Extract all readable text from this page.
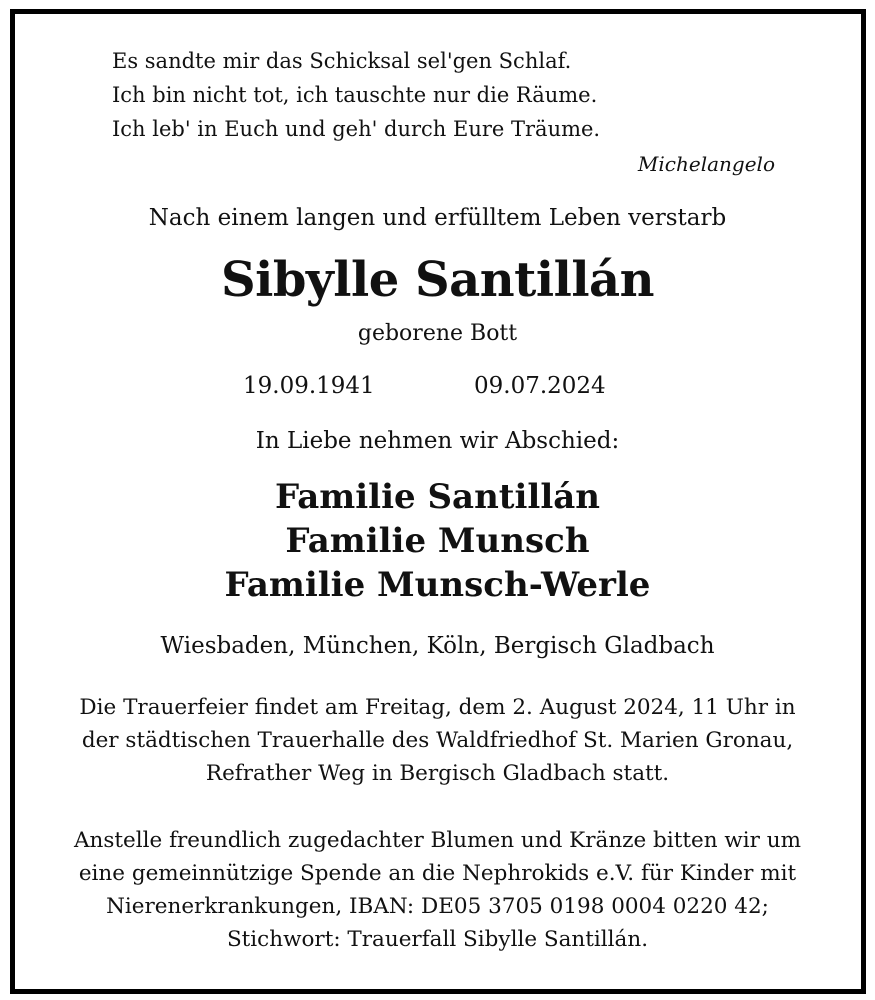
Es sandte mir das Schicksal sel'gen Schlaf.
Ich bin nicht tot, ich tauschte nur die Räume.
Ich leb' in Euch und geh' durch Eure Träume.
Michelangelo
Nach einem langen und erfülltem Leben verstarb
Sibylle Santillán
geborene Bott
19.09.1941	09.07.2024
In Liebe nehmen wir Abschied:
Familie Santillán
Familie Munsch
Familie Munsch-Werle
Wiesbaden, München, Köln, Bergisch Gladbach
Die Trauerfeier findet am Freitag, dem 2. August 2024, 11 Uhr in
der städtischen Trauerhalle des Waldfriedhof St. Marien Gronau,
Refrather Weg in Bergisch Gladbach statt.
Anstelle freundlich zugedachter Blumen und Kränze bitten wir um
eine gemeinnützige Spende an die Nephrokids e.V. für Kinder mit
Nierenerkrankungen, IBAN: DE05 3705 0198 0004 0220 42;
Stichwort: Trauerfall Sibylle Santillán.
